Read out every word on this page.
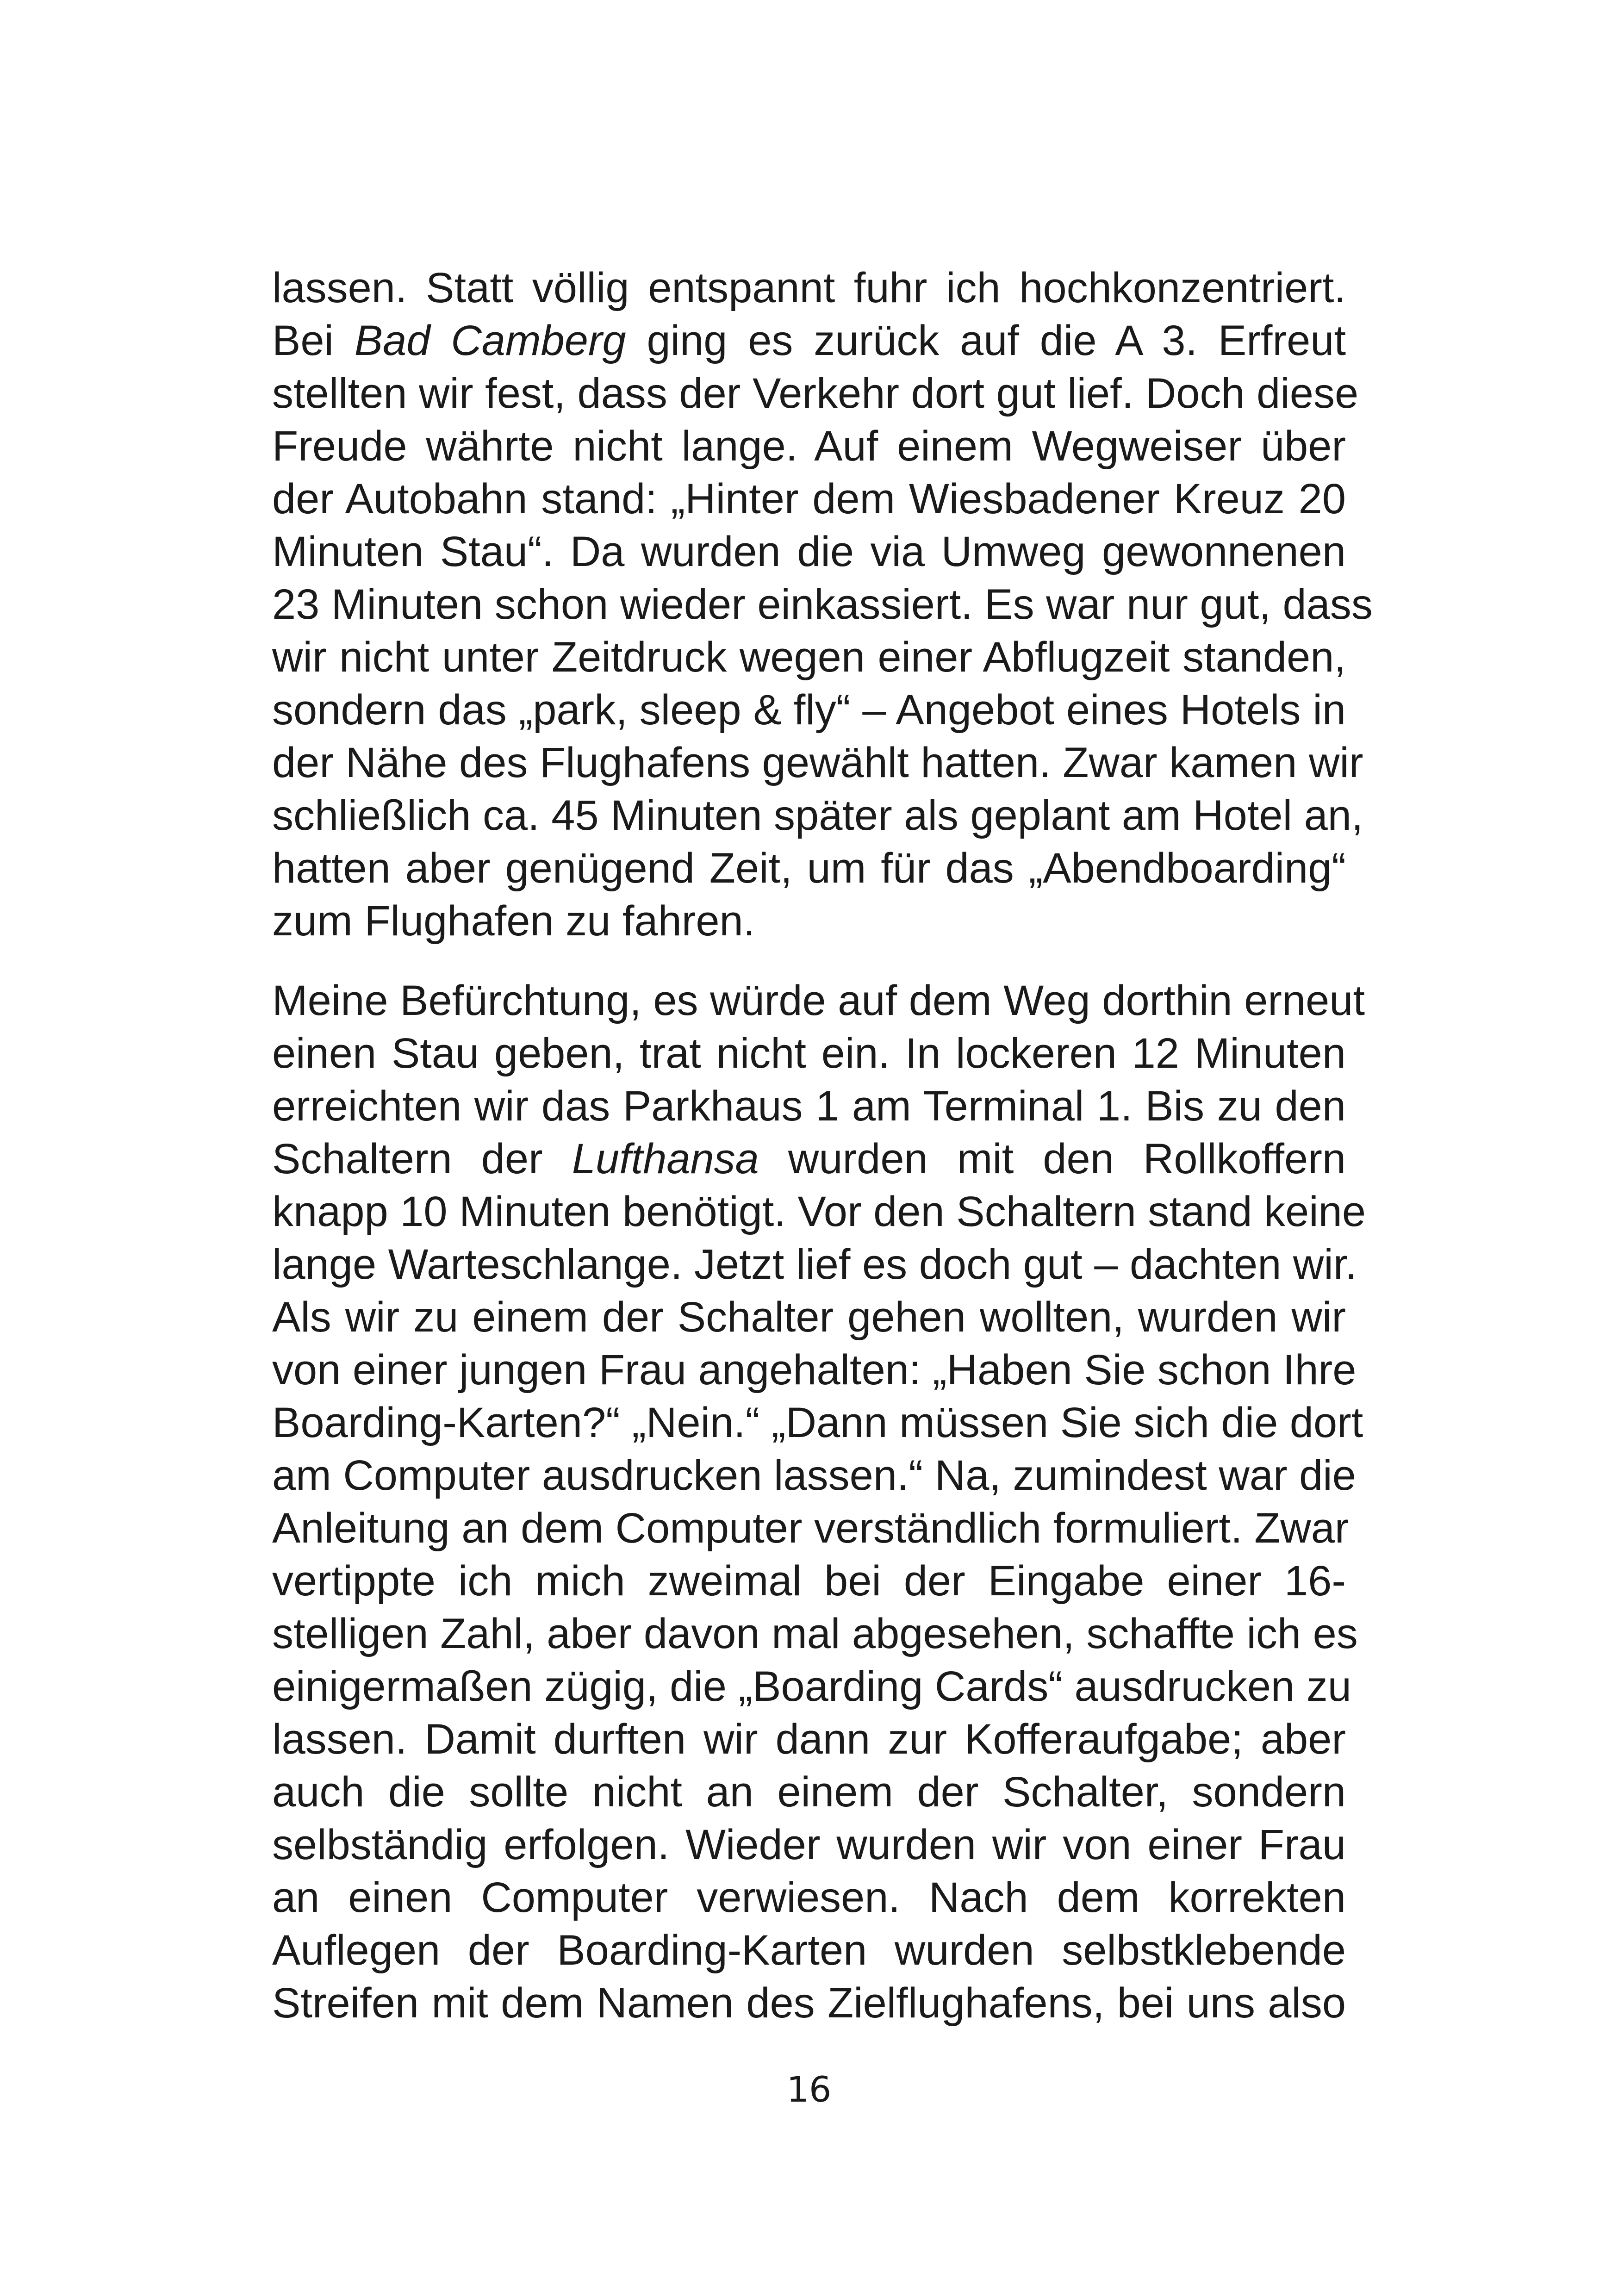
lassen. Statt völlig entspannt fuhr ich hochkonzentriert.
Bei Bad Camberg ging es zurück auf die A 3. Erfreut
stellten wir fest, dass der Verkehr dort gut lief. Doch diese
Freude währte nicht lange. Auf einem Wegweiser über
der Autobahn stand: „Hinter dem Wiesbadener Kreuz 20
Minuten Stau“. Da wurden die via Umweg gewonnenen
23 Minuten schon wieder einkassiert. Es war nur gut, dass
wir nicht unter Zeitdruck wegen einer Abflugzeit standen,
sondern das „park, sleep & fly“ – Angebot eines Hotels in
der Nähe des Flughafens gewählt hatten. Zwar kamen wir
schließlich ca. 45 Minuten später als geplant am Hotel an,
hatten aber genügend Zeit, um für das „Abendboarding“
zum Flughafen zu fahren.
Meine Befürchtung, es würde auf dem Weg dorthin erneut
einen Stau geben, trat nicht ein. In lockeren 12 Minuten
erreichten wir das Parkhaus 1 am Terminal 1. Bis zu den
Schaltern der Lufthansa wurden mit den Rollkoffern
knapp 10 Minuten benötigt. Vor den Schaltern stand keine
lange Warteschlange. Jetzt lief es doch gut – dachten wir.
Als wir zu einem der Schalter gehen wollten, wurden wir
von einer jungen Frau angehalten: „Haben Sie schon Ihre
Boarding-Karten?“ „Nein.“ „Dann müssen Sie sich die dort
am Computer ausdrucken lassen.“ Na, zumindest war die
Anleitung an dem Computer verständlich formuliert. Zwar
vertippte ich mich zweimal bei der Eingabe einer 16-
stelligen Zahl, aber davon mal abgesehen, schaffte ich es
einigermaßen zügig, die „Boarding Cards“ ausdrucken zu
lassen. Damit durften wir dann zur Kofferaufgabe; aber
auch die sollte nicht an einem der Schalter, sondern
selbständig erfolgen. Wieder wurden wir von einer Frau
an einen Computer verwiesen. Nach dem korrekten
Auflegen der Boarding-Karten wurden selbstklebende
Streifen mit dem Namen des Zielflughafens, bei uns also
16
